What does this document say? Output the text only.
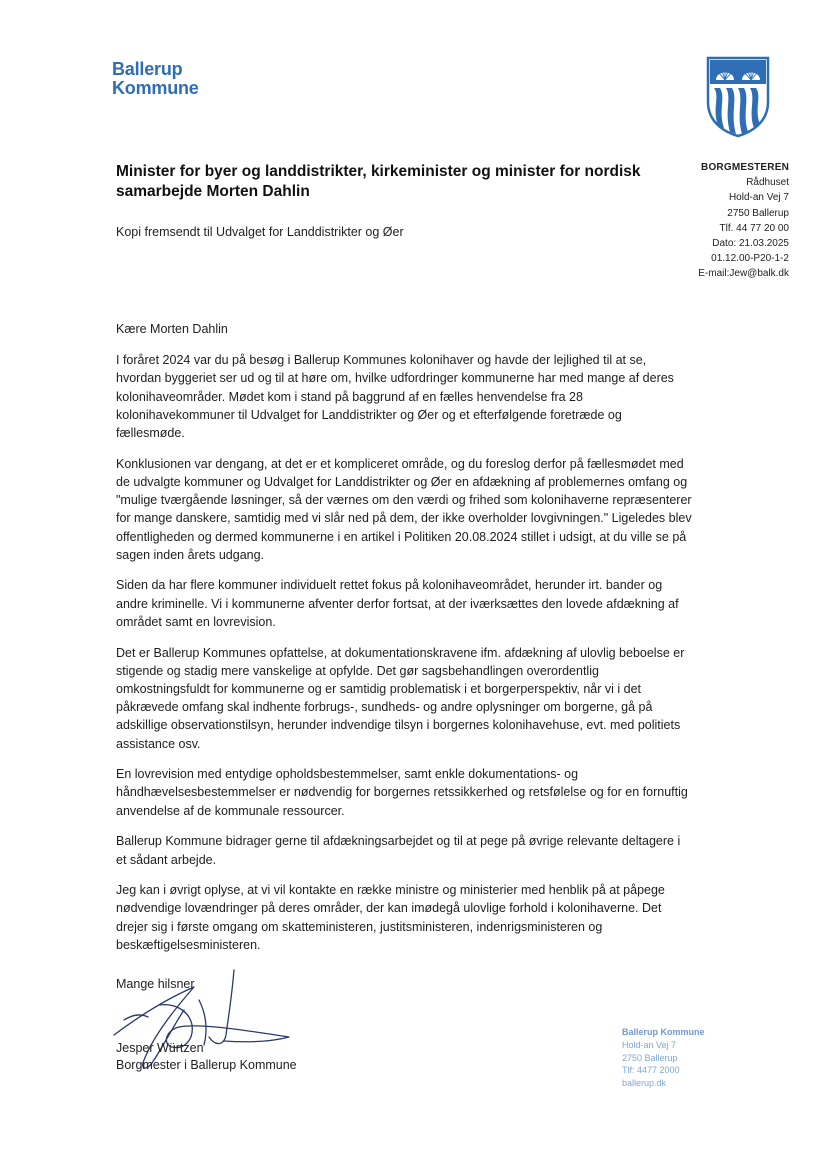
Ballerup
Kommune
Minister for byer og landdistrikter, kirkeminister og minister for nordisk samarbejde Morten Dahlin
Kopi fremsendt til Udvalget for Landdistrikter og Øer
BORGMESTEREN
Rådhuset
Hold-an Vej 7
2750 Ballerup
Tlf. 44 77 20 00
Dato: 21.03.2025
01.12.00-P20-1-2
E-mail:Jew@balk.dk

Kære Morten Dahlin

I foråret 2024 var du på besøg i Ballerup Kommunes kolonihaver og havde der lejlighed til at se, hvordan byggeriet ser ud og til at høre om, hvilke udfordringer kommunerne har med mange af deres kolonihaveområder. Mødet kom i stand på baggrund af en fælles henvendelse fra 28 kolonihavekommuner til Udvalget for Landdistrikter og Øer og et efterfølgende foretræde og fællesmøde.

Konklusionen var dengang, at det er et kompliceret område, og du foreslog derfor på fællesmødet med de udvalgte kommuner og Udvalget for Landdistrikter og Øer en afdækning af problemernes omfang og "mulige tværgående løsninger, så der værnes om den værdi og frihed som kolonihaverne repræsenterer for mange danskere, samtidig med vi slår ned på dem, der ikke overholder lovgivningen." Ligeledes blev offentligheden og dermed kommunerne i en artikel i Politiken 20.08.2024 stillet i udsigt, at du ville se på sagen inden årets udgang.

Siden da har flere kommuner individuelt rettet fokus på kolonihaveområdet, herunder irt. bander og andre kriminelle. Vi i kommunerne afventer derfor fortsat, at der iværksættes den lovede afdækning af området samt en lovrevision.

Det er Ballerup Kommunes opfattelse, at dokumentationskravene ifm. afdækning af ulovlig beboelse er stigende og stadig mere vanskelige at opfylde. Det gør sagsbehandlingen overordentlig omkostningsfuldt for kommunerne og er samtidig problematisk i et borgerperspektiv, når vi i det påkrævede omfang skal indhente forbrugs-, sundheds- og andre oplysninger om borgerne, gå på adskillige observationstilsyn, herunder indvendige tilsyn i borgernes kolonihavehuse, evt. med politiets assistance osv.

En lovrevision med entydige opholdsbestemmelser, samt enkle dokumentations- og håndhævelsesbestemmelser er nødvendig for borgernes retssikkerhed og retsfølelse og for en fornuftig anvendelse af de kommunale ressourcer.

Ballerup Kommune bidrager gerne til afdækningsarbejdet og til at pege på øvrige relevante deltagere i et sådant arbejde.

Jeg kan i øvrigt oplyse, at vi vil kontakte en række ministre og ministerier med henblik på at påpege nødvendige lovændringer på deres områder, der kan imødegå ulovlige forhold i kolonihaverne. Det drejer sig i første omgang om skatteministeren, justitsministeren, indenrigsministeren og beskæftigelsesministeren.

Mange hilsner
Jesper Würtzen
Borgmester i Ballerup Kommune
Ballerup Kommune
Hold-an Vej 7
2750 Ballerup
Tlf: 4477 2000
ballerup.dk
